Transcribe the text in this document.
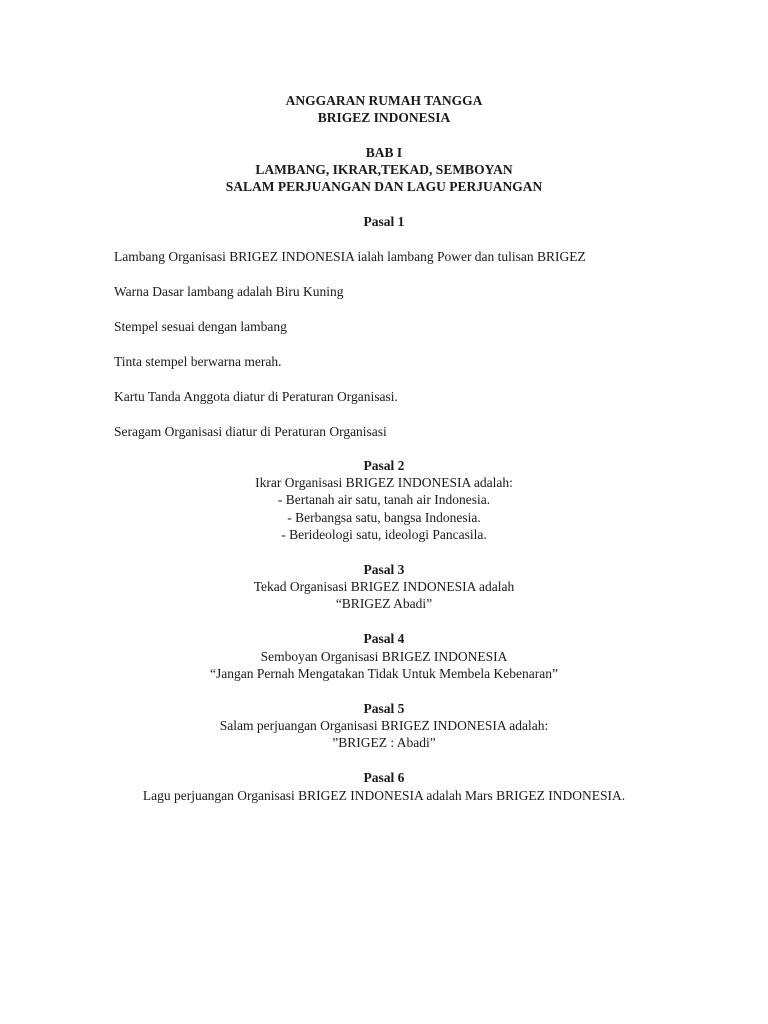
ANGGARAN RUMAH TANGGA
BRIGEZ INDONESIA
BAB I
LAMBANG, IKRAR,TEKAD, SEMBOYAN
SALAM PERJUANGAN DAN LAGU PERJUANGAN
Pasal 1
Lambang Organisasi BRIGEZ INDONESIA ialah lambang Power dan tulisan BRIGEZ
Warna Dasar lambang adalah Biru Kuning
Stempel sesuai dengan lambang
Tinta stempel berwarna merah.
Kartu Tanda Anggota diatur di Peraturan Organisasi.
Seragam Organisasi diatur di Peraturan Organisasi
Pasal 2
Ikrar Organisasi BRIGEZ INDONESIA adalah:
- Bertanah air satu, tanah air Indonesia.
- Berbangsa satu, bangsa Indonesia.
- Berideologi satu, ideologi Pancasila.
Pasal 3
Tekad Organisasi BRIGEZ INDONESIA adalah
“BRIGEZ Abadi”
Pasal 4
Semboyan Organisasi BRIGEZ INDONESIA
“Jangan Pernah Mengatakan Tidak Untuk Membela Kebenaran”
Pasal 5
Salam perjuangan Organisasi BRIGEZ INDONESIA adalah:
”BRIGEZ : Abadi”
Pasal 6
Lagu perjuangan Organisasi BRIGEZ INDONESIA adalah Mars BRIGEZ INDONESIA.
